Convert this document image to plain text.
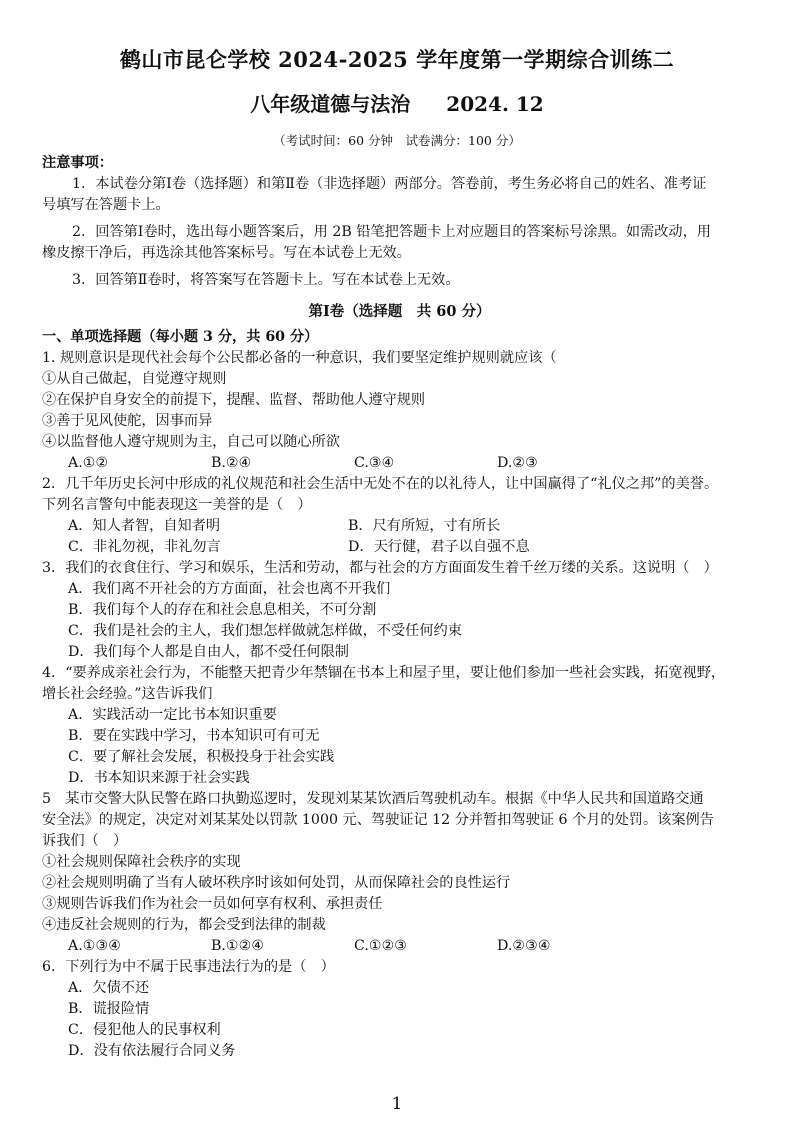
鹤山市昆仑学校 2024-2025 学年度第一学期综合训练二
八年级道德与法治 2024. 12
（考试时间：60 分钟　试卷满分：100 分）
注意事项：
1．本试卷分第Ⅰ卷（选择题）和第Ⅱ卷（非选择题）两部分。答卷前，考生务必将自己的姓名、准考证
号填写在答题卡上。
2．回答第Ⅰ卷时，选出每小题答案后，用 2B 铅笔把答题卡上对应题目的答案标号涂黑。如需改动，用
橡皮擦干净后，再选涂其他答案标号。写在本试卷上无效。
3．回答第Ⅱ卷时，将答案写在答题卡上。写在本试卷上无效。
第Ⅰ卷（选择题　共 60 分）
一、单项选择题（每小题 3 分，共 60 分）
1. 规则意识是现代社会每个公民都必备的一种意识，我们要坚定维护规则就应该（
①从自己做起，自觉遵守规则
②在保护自身安全的前提下，提醒、监督、帮助他人遵守规则
③善于见风使舵，因事而异
④以监督他人遵守规则为主，自己可以随心所欲
A.①②	B.②④	C.③④	D.②③
2．几千年历史长河中形成的礼仪规范和社会生活中无处不在的以礼待人，让中国赢得了“礼仪之邦”的美誉。
下列名言警句中能表现这一美誉的是（　）
A．知人者智，自知者明	B．尺有所短，寸有所长
C．非礼勿视，非礼勿言	D．天行健，君子以自强不息
3．我们的衣食住行、学习和娱乐，生活和劳动，都与社会的方方面面发生着千丝万缕的关系。这说明（　）
A．我们离不开社会的方方面面，社会也离不开我们
B．我们每个人的存在和社会息息相关，不可分割
C．我们是社会的主人，我们想怎样做就怎样做，不受任何约束
D．我们每个人都是自由人，都不受任何限制
4．“要养成亲社会行为，不能整天把青少年禁锢在书本上和屋子里，要让他们参加一些社会实践，拓宽视野，
增长社会经验。”这告诉我们
A．实践活动一定比书本知识重要
B．要在实践中学习，书本知识可有可无
C．要了解社会发展，积极投身于社会实践
D．书本知识来源于社会实践
5　某市交警大队民警在路口执勤巡逻时，发现刘某某饮酒后驾驶机动车。根据《中华人民共和国道路交通
安全法》的规定，决定对刘某某处以罚款 1000 元、驾驶证记 12 分并暂扣驾驶证 6 个月的处罚。该案例告
诉我们（　）
①社会规则保障社会秩序的实现
②社会规则明确了当有人破坏秩序时该如何处罚，从而保障社会的良性运行
③规则告诉我们作为社会一员如何享有权利、承担责任
④违反社会规则的行为，都会受到法律的制裁
A.①③④	B.①②④	C.①②③	D.②③④
6．下列行为中不属于民事违法行为的是（　）
A．欠债不还
B．谎报险情
C．侵犯他人的民事权利
D．没有依法履行合同义务
1
